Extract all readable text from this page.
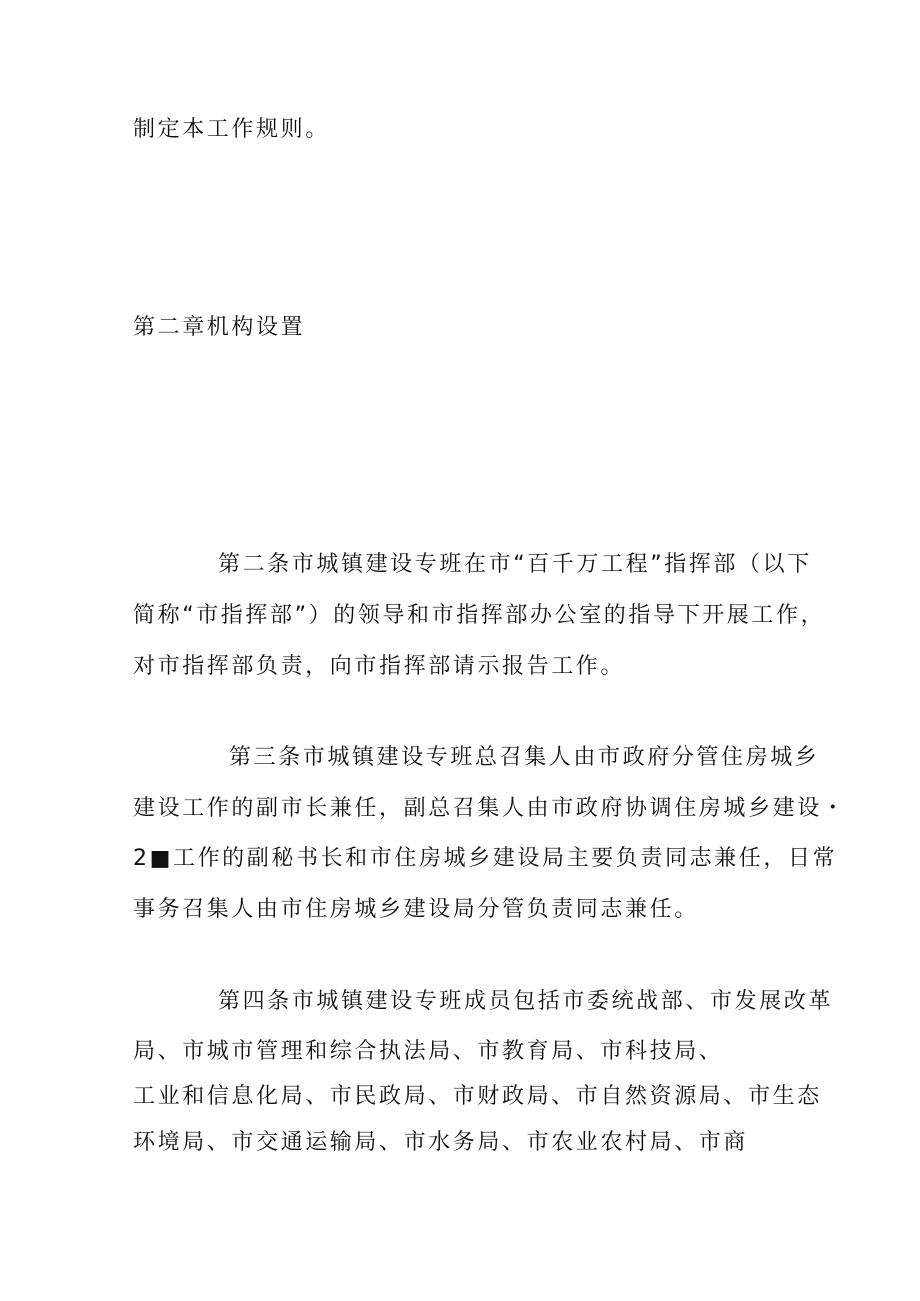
制定本工作规则。
第二章机构设置
第二条市城镇建设专班在市“百千万工程”指挥部（以下
简称“市指挥部”）的领导和市指挥部办公室的指导下开展工作，
对市指挥部负责，向市指挥部请示报告工作。
第三条市城镇建设专班总召集人由市政府分管住房城乡
建设工作的副市长兼任，副总召集人由市政府协调住房城乡建设・
2■工作的副秘书长和市住房城乡建设局主要负责同志兼任，日常
事务召集人由市住房城乡建设局分管负责同志兼任。
第四条市城镇建设专班成员包括市委统战部、市发展改革
局、市城市管理和综合执法局、市教育局、市科技局、
工业和信息化局、市民政局、市财政局、市自然资源局、市生态
环境局、市交通运输局、市水务局、市农业农村局、市商
